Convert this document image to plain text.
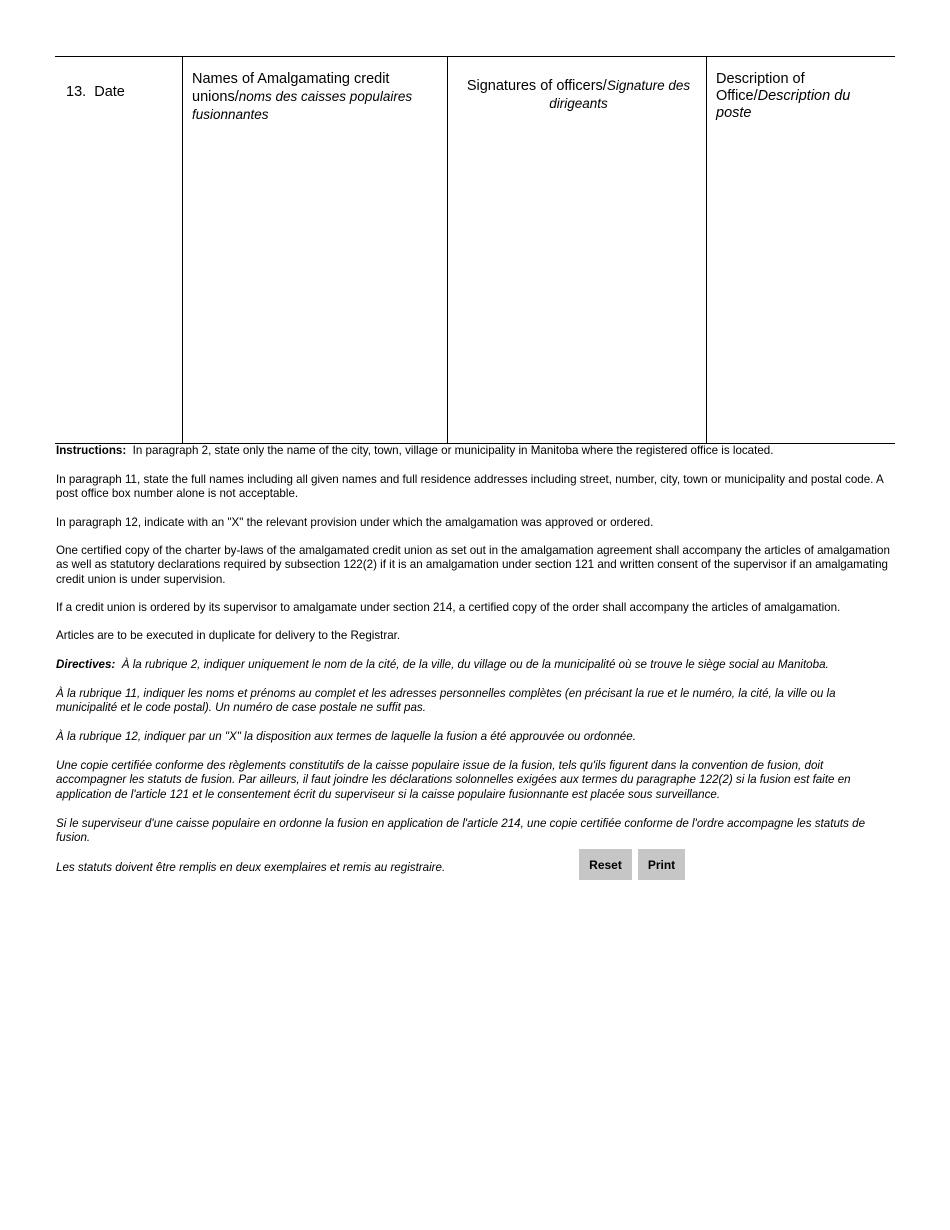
13. Date
Names of Amalgamating credit unions/noms des caisses populaires fusionnantes
Signatures of officers/Signature des dirigeants
Description of Office/Description du poste

Instructions: In paragraph 2, state only the name of the city, town, village or municipality in Manitoba where the registered office is located.

In paragraph 11, state the full names including all given names and full residence addresses including street, number, city, town or municipality and postal code. A post office box number alone is not acceptable.

In paragraph 12, indicate with an "X" the relevant provision under which the amalgamation was approved or ordered.

One certified copy of the charter by-laws of the amalgamated credit union as set out in the amalgamation agreement shall accompany the articles of amalgamation as well as statutory declarations required by subsection 122(2) if it is an amalgamation under section 121 and written consent of the supervisor if an amalgamating credit union is under supervision.

If a credit union is ordered by its supervisor to amalgamate under section 214, a certified copy of the order shall accompany the articles of amalgamation.

Articles are to be executed in duplicate for delivery to the Registrar.

Directives: À la rubrique 2, indiquer uniquement le nom de la cité, de la ville, du village ou de la municipalité où se trouve le siège social au Manitoba.

À la rubrique 11, indiquer les noms et prénoms au complet et les adresses personnelles complètes (en précisant la rue et le numéro, la cité, la ville ou la municipalité et le code postal). Un numéro de case postale ne suffit pas.

À la rubrique 12, indiquer par un "X" la disposition aux termes de laquelle la fusion a été approuvée ou ordonnée.

Une copie certifiée conforme des règlements constitutifs de la caisse populaire issue de la fusion, tels qu'ils figurent dans la convention de fusion, doit accompagner les statuts de fusion. Par ailleurs, il faut joindre les déclarations solonnelles exigées aux termes du paragraphe 122(2) si la fusion est faite en application de l'article 121 et le consentement écrit du superviseur si la caisse populaire fusionnante est placée sous surveillance.

Si le superviseur d'une caisse populaire en ordonne la fusion en application de l'article 214, une copie certifiée conforme de l'ordre accompagne les statuts de fusion.

Les statuts doivent être remplis en deux exemplaires et remis au registraire.	Reset	Print
